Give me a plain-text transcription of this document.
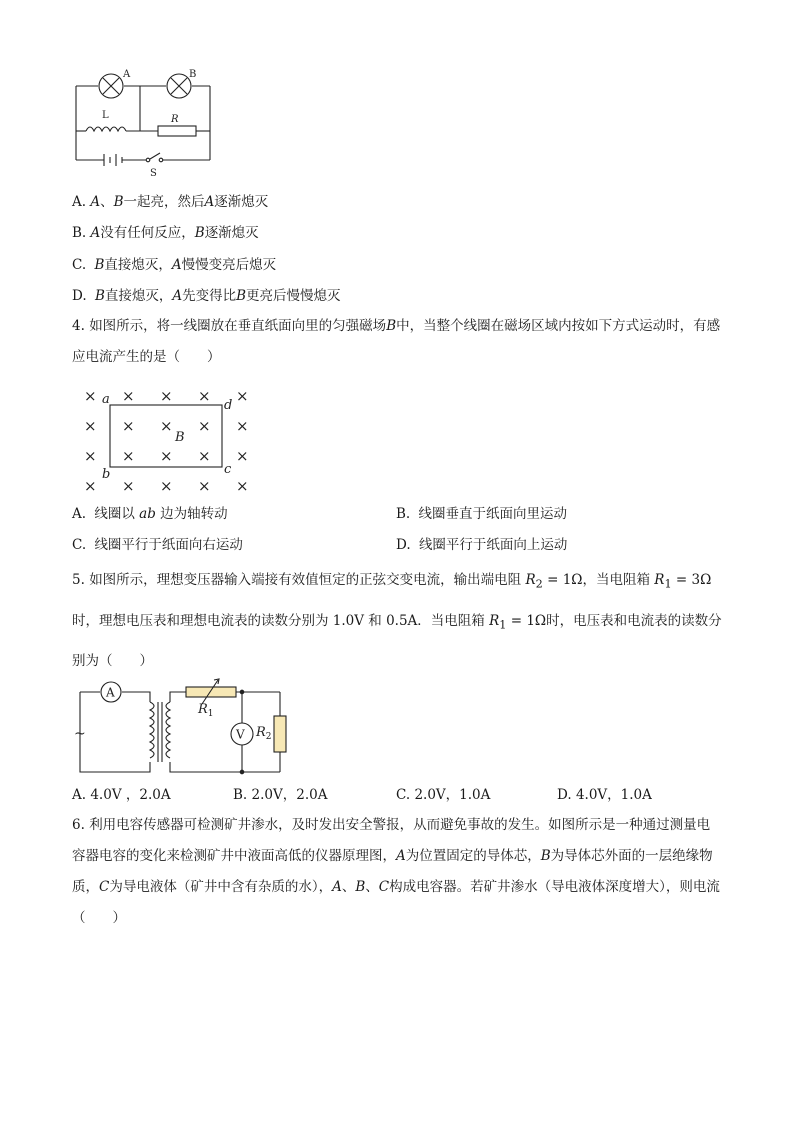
A	B
L	R
S
A. A、B一起亮，然后A逐渐熄灭
B. A没有任何反应，B逐渐熄灭
C. B直接熄灭，A慢慢变亮后熄灭
D. B直接熄灭，A先变得比B更亮后慢慢熄灭
4. 如图所示，将一线圈放在垂直纸面向里的匀强磁场B中，当整个线圈在磁场区域内按如下方式运动时，有感应电流产生的是（　　）
× × × × ×
× × × × ×
× × × × ×
× × × × ×
a	d
b	c
B
A. 线圈以 ab 边为轴转动	B. 线圈垂直于纸面向里运动
C. 线圈平行于纸面向右运动	D. 线圈平行于纸面向上运动
5. 如图所示，理想变压器输入端接有效值恒定的正弦交变电流，输出端电阻 $R_2 = 1\Omega$，当电阻箱 $R_1 = 3\Omega$ 时，理想电压表和理想电流表的读数分别为 1.0V 和 0.5A．当电阻箱 $R_1 = 1\Omega$时，电压表和电流表的读数分别为（　　）
A
V
~
$R_1$
$R_2$
A. 4.0V ，2.0A	B. 2.0V，2.0A	C. 2.0V，1.0A	D. 4.0V，1.0A
6. 利用电容传感器可检测矿井渗水，及时发出安全警报，从而避免事故的发生。如图所示是一种通过测量电容器电容的变化来检测矿井中液面高低的仪器原理图，A为位置固定的导体芯，B为导体芯外面的一层绝缘物质，C为导电液体（矿井中含有杂质的水），A、B、C构成电容器。若矿井渗水（导电液体深度增大），则电流（　　）
